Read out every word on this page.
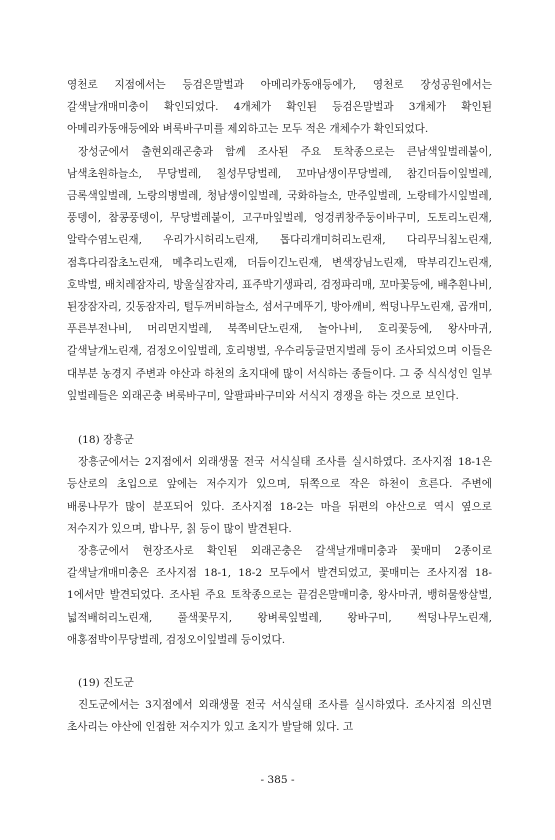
영천로 지점에서는 등검은말벌과 아메리카동애등에가, 영천로 장성공원에서는 갈색날개매미충이 확인되었다. 4개체가 확인된 등검은말벌과 3개체가 확인된 아메리카동애등에와 벼룩바구미를 제외하고는 모두 적은 개체수가 확인되었다.

장성군에서 출현외래곤충과 함께 조사된 주요 토착종으로는 큰남색잎벌레붙이, 남색초원하늘소, 무당벌레, 칠성무당벌레, 꼬마남생이무당벌레, 참긴더듬이잎벌레, 금록색잎벌레, 노랑의병벌레, 청남생이잎벌레, 국화하늘소, 만주잎벌레, 노랑테가시잎벌레, 풍뎅이, 참콩풍뎅이, 무당벌레붙이, 고구마잎벌레, 엉겅퀴창주둥이바구미, 도토리노린재, 알락수염노린재, 우리가시허리노린재, 톱다리개미허리노린재, 다리무늬침노린재, 점흑다리잡초노린재, 메추리노린재, 더듬이긴노린재, 변색장님노린재, 딱부리긴노린재, 호박벌, 배치레잠자리, 방울실잠자리, 표주박기생파리, 검정파리매, 꼬마꽃등에, 배추흰나비, 된장잠자리, 깃동잠자리, 털두꺼비하늘소, 섬서구메뚜기, 방아깨비, 썩덩나무노린재, 곱개미, 푸른부전나비, 머리먼지벌레, 북쪽비단노린재, 놀아나비, 호리꽃등에, 왕사마귀, 갈색날개노린재, 검정오이잎벌레, 호리병벌, 우수리둥글먼지벌레 등이 조사되었으며 이들은 대부분 농경지 주변과 야산과 하천의 초지대에 많이 서식하는 종들이다. 그 중 식식성인 일부 잎벌레들은 외래곤충 벼룩바구미, 알팔파바구미와 서식지 경쟁을 하는 것으로 보인다.

(18) 장흥군

장흥군에서는 2지점에서 외래생물 전국 서식실태 조사를 실시하였다. 조사지점 18-1은 등산로의 초입으로 앞에는 저수지가 있으며, 뒤쪽으로 작은 하천이 흐른다. 주변에 배롱나무가 많이 분포되어 있다. 조사지점 18-2는 마을 뒤편의 야산으로 역시 옆으로 저수지가 있으며, 밤나무, 칡 등이 많이 발견된다.

장흥군에서 현장조사로 확인된 외래곤충은 갈색날개매미충과 꽃매미 2종이로 갈색날개매미충은 조사지점 18-1, 18-2 모두에서 발견되었고, 꽃매미는 조사지점 18-1에서만 발견되었다. 조사된 주요 토착종으로는 끝검은말매미충, 왕사마귀, 뱅허물쌍살벌, 넓적배허리노린재, 풀색꽃무지, 왕벼룩잎벌레, 왕바구미, 썩덩나무노린재, 애홍점박이무당벌레, 검정오이잎벌레 등이었다.

(19) 진도군

진도군에서는 3지점에서 외래생물 전국 서식실태 조사를 실시하였다. 조사지점 의신면 초사리는 야산에 인접한 저수지가 있고 초지가 발달해 있다. 고

- 385 -
